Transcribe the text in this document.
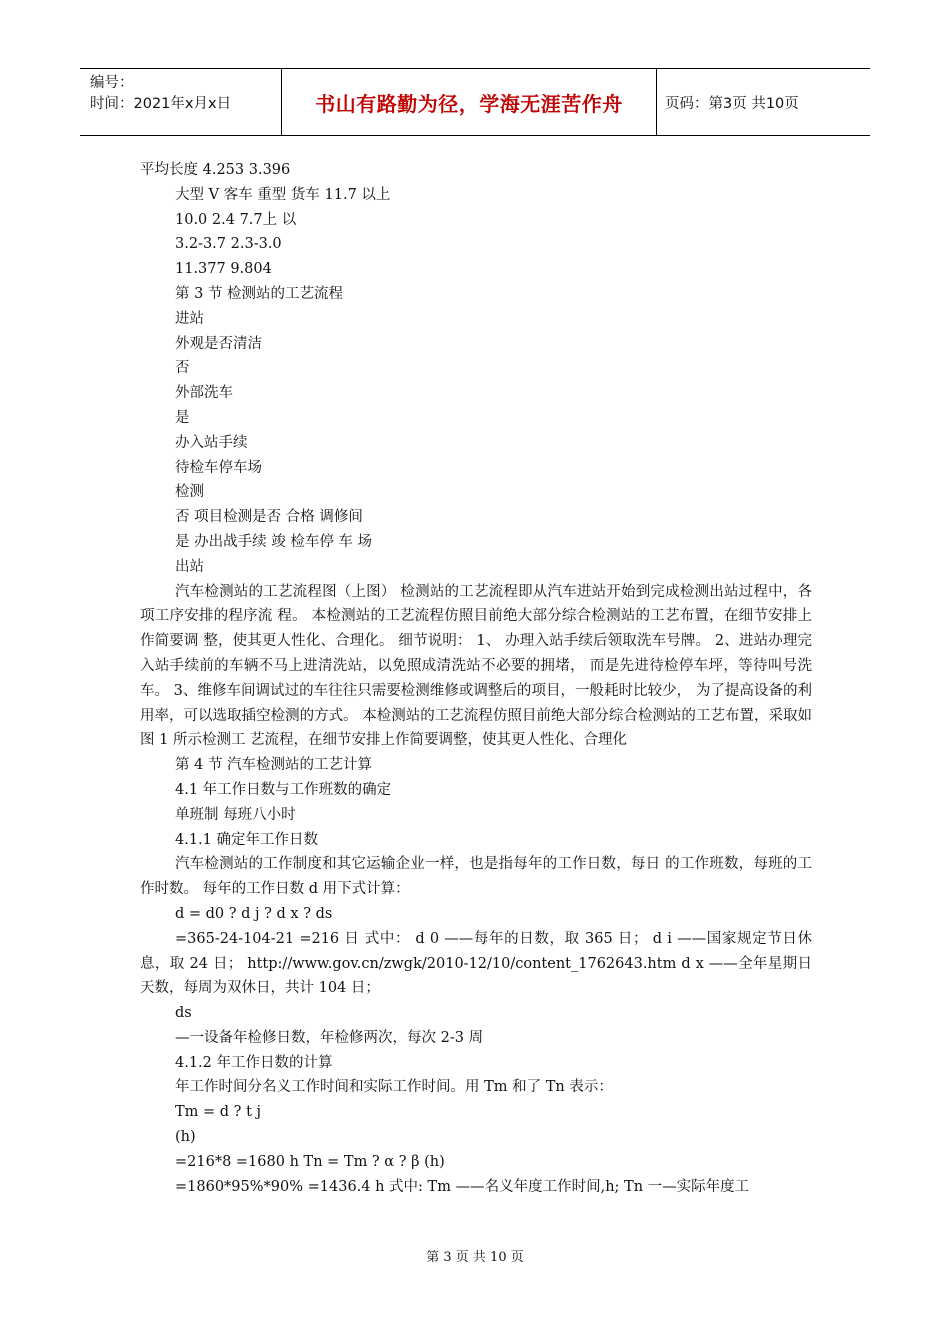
编号：
时间：2021年x月x日	书山有路勤为径，学海无涯苦作舟	页码：第3页 共10页
平均长度 4.253 3.396
大型 V 客车 重型 货车 11.7 以上
10.0 2.4 7.7上 以
3.2-3.7 2.3-3.0
11.377 9.804
第 3 节 检测站的工艺流程
进站
外观是否清洁
否
外部洗车
是
办入站手续
待检车停车场
检测
否 项目检测是否 合格 调修间
是 办出战手续 竣 检车停 车 场
出站
汽车检测站的工艺流程图（上图） 检测站的工艺流程即从汽车进站开始到完成检测出站过程中，各项工序安排的程序流 程。 本检测站的工艺流程仿照目前绝大部分综合检测站的工艺布置，在细节安排上作简要调 整，使其更人性化、合理化。 细节说明： 1、 办理入站手续后领取洗车号牌。 2、进站办理完入站手续前的车辆不马上进清洗站，以免照成清洗站不必要的拥堵， 而是先进待检停车坪，等待叫号洗车。 3、维修车间调试过的车往往只需要检测维修或调整后的项目，一般耗时比较少， 为了提高设备的利用率，可以选取插空检测的方式。 本检测站的工艺流程仿照目前绝大部分综合检测站的工艺布置，采取如图 1 所示检测工 艺流程，在细节安排上作简要调整，使其更人性化、合理化
第 4 节 汽车检测站的工艺计算
4.1 年工作日数与工作班数的确定
单班制 每班八小时
4.1.1 确定年工作日数
汽车检测站的工作制度和其它运输企业一样，也是指每年的工作日数，每日 的工作班数，每班的工作时数。 每年的工作日数 d 用下式计算：
d = d0 ? d j ? d x ? ds
=365-24-104-21 =216 日 式中： d 0 ——每年的日数，取 365 日； d i ——国家规定节日休息，取 24 日； http://www.gov.cn/zwgk/2010-12/10/content_1762643.htm d x ——全年星期日天数，每周为双休日，共计 104 日；
ds
—一设备年检修日数，年检修两次，每次 2-3 周
4.1.2 年工作日数的计算
年工作时间分名义工作时间和实际工作时间。用 Tm 和了 Tn 表示：
Tm = d ? t j
(h)
=216*8 =1680 h Tn = Tm ? α ? β (h)
=1860*95%*90% =1436.4 h 式中: Tm ——名义年度工作时间,h; Tn 一—实际年度工
第 3 页 共 10 页
